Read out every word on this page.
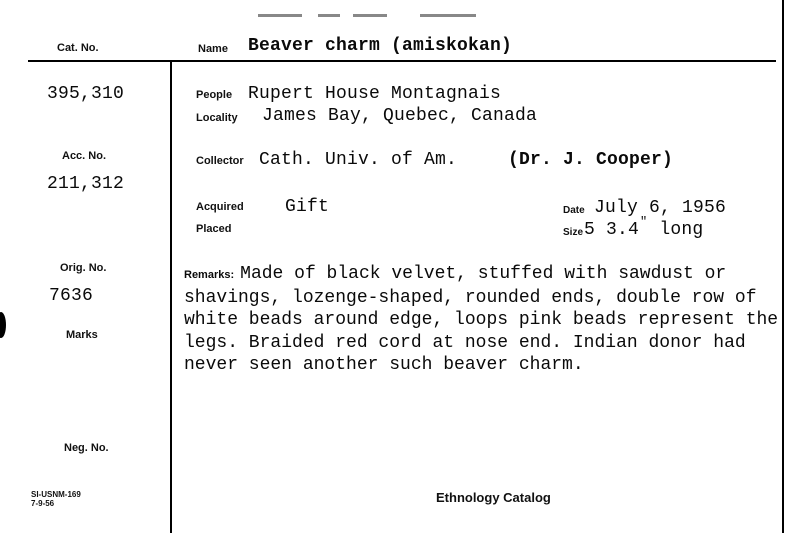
Cat. No.
395,310
Acc. No.
211,312
Orig. No.
7636
Marks
Neg. No.
SI-USNM-169
7-9-56
Name Beaver charm (amiskokan)
People Rupert House Montagnais
Locality James Bay, Quebec, Canada
Collector Cath. Univ. of Am.	(Dr. J. Cooper)
Acquired Gift
Placed
Date July 6, 1956
Size 5 3.4" long
Remarks: Made of black velvet, stuffed with sawdust or shavings, lozenge-shaped, rounded ends, double row of white beads around edge, loops pink beads represent the legs. Braided red cord at nose end. Indian donor had never seen another such beaver charm.
Ethnology Catalog
